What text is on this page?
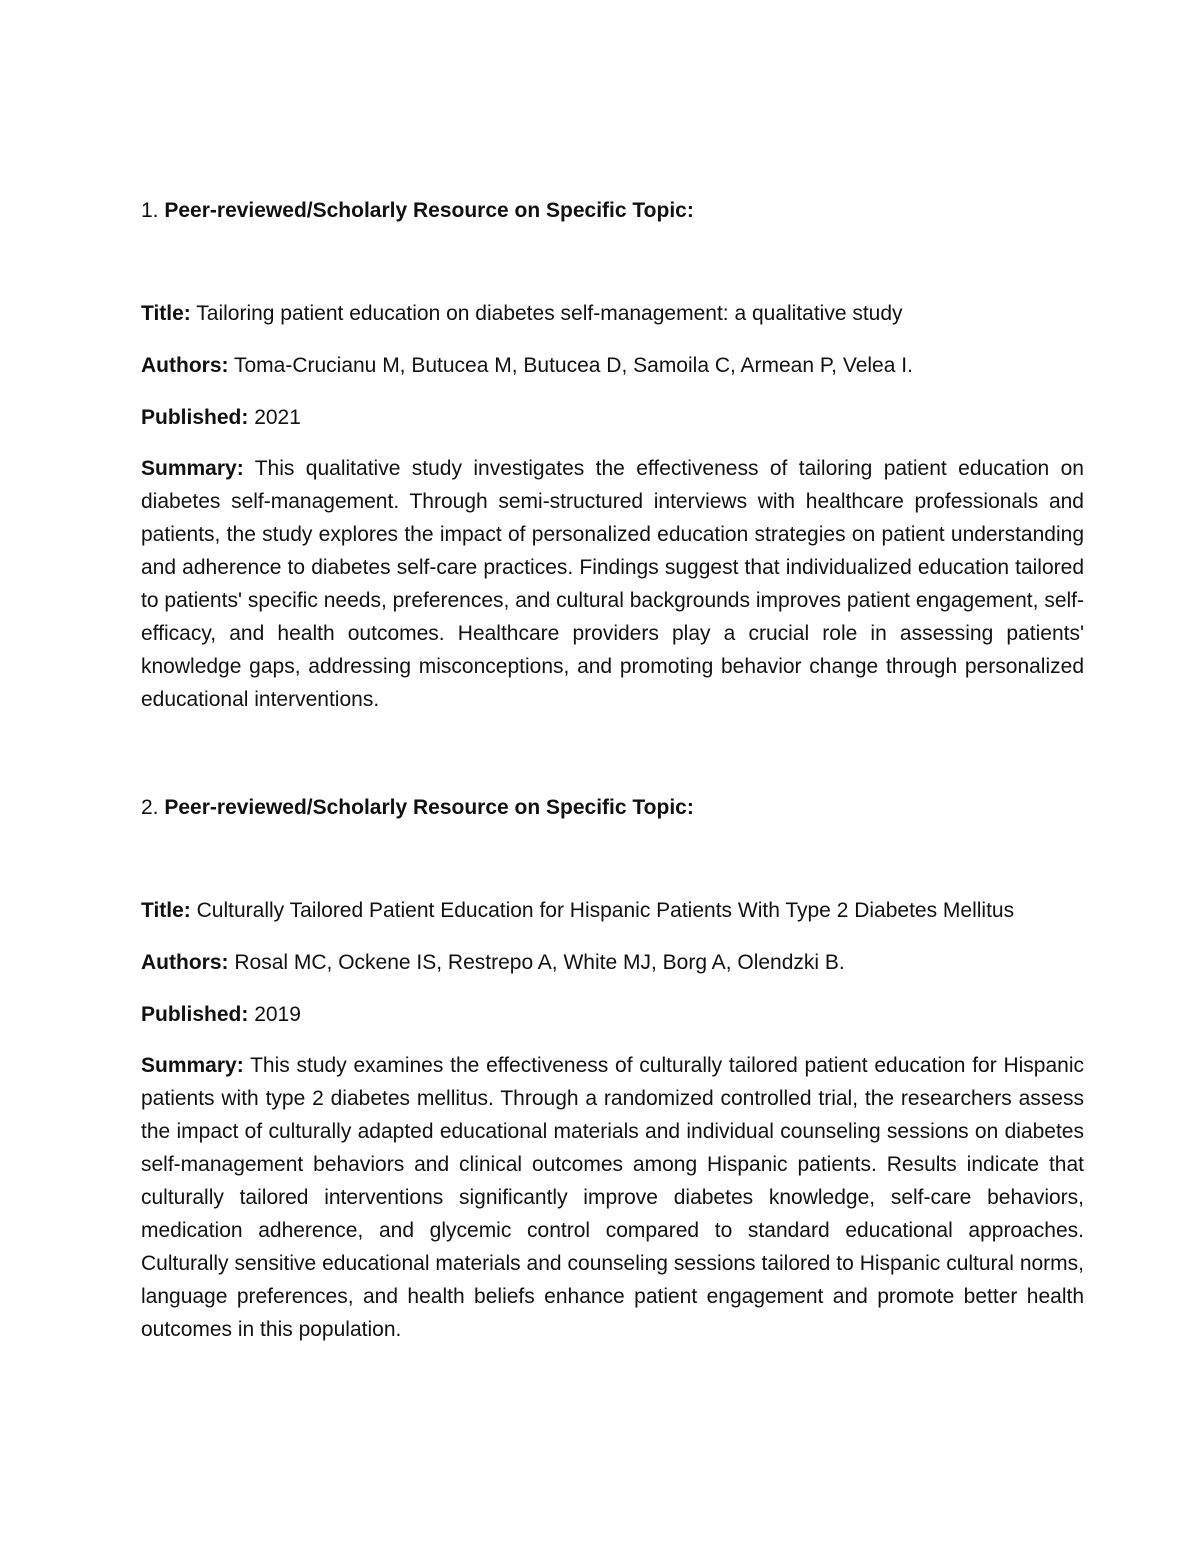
1. Peer-reviewed/Scholarly Resource on Specific Topic:

Title: Tailoring patient education on diabetes self-management: a qualitative study

Authors: Toma-Crucianu M, Butucea M, Butucea D, Samoila C, Armean P, Velea I.

Published: 2021

Summary: This qualitative study investigates the effectiveness of tailoring patient education on diabetes self-management. Through semi-structured interviews with healthcare professionals and patients, the study explores the impact of personalized education strategies on patient understanding and adherence to diabetes self-care practices. Findings suggest that individualized education tailored to patients' specific needs, preferences, and cultural backgrounds improves patient engagement, self-efficacy, and health outcomes. Healthcare providers play a crucial role in assessing patients' knowledge gaps, addressing misconceptions, and promoting behavior change through personalized educational interventions.

2. Peer-reviewed/Scholarly Resource on Specific Topic:

Title: Culturally Tailored Patient Education for Hispanic Patients With Type 2 Diabetes Mellitus

Authors: Rosal MC, Ockene IS, Restrepo A, White MJ, Borg A, Olendzki B.

Published: 2019

Summary: This study examines the effectiveness of culturally tailored patient education for Hispanic patients with type 2 diabetes mellitus. Through a randomized controlled trial, the researchers assess the impact of culturally adapted educational materials and individual counseling sessions on diabetes self-management behaviors and clinical outcomes among Hispanic patients. Results indicate that culturally tailored interventions significantly improve diabetes knowledge, self-care behaviors, medication adherence, and glycemic control compared to standard educational approaches. Culturally sensitive educational materials and counseling sessions tailored to Hispanic cultural norms, language preferences, and health beliefs enhance patient engagement and promote better health outcomes in this population.
